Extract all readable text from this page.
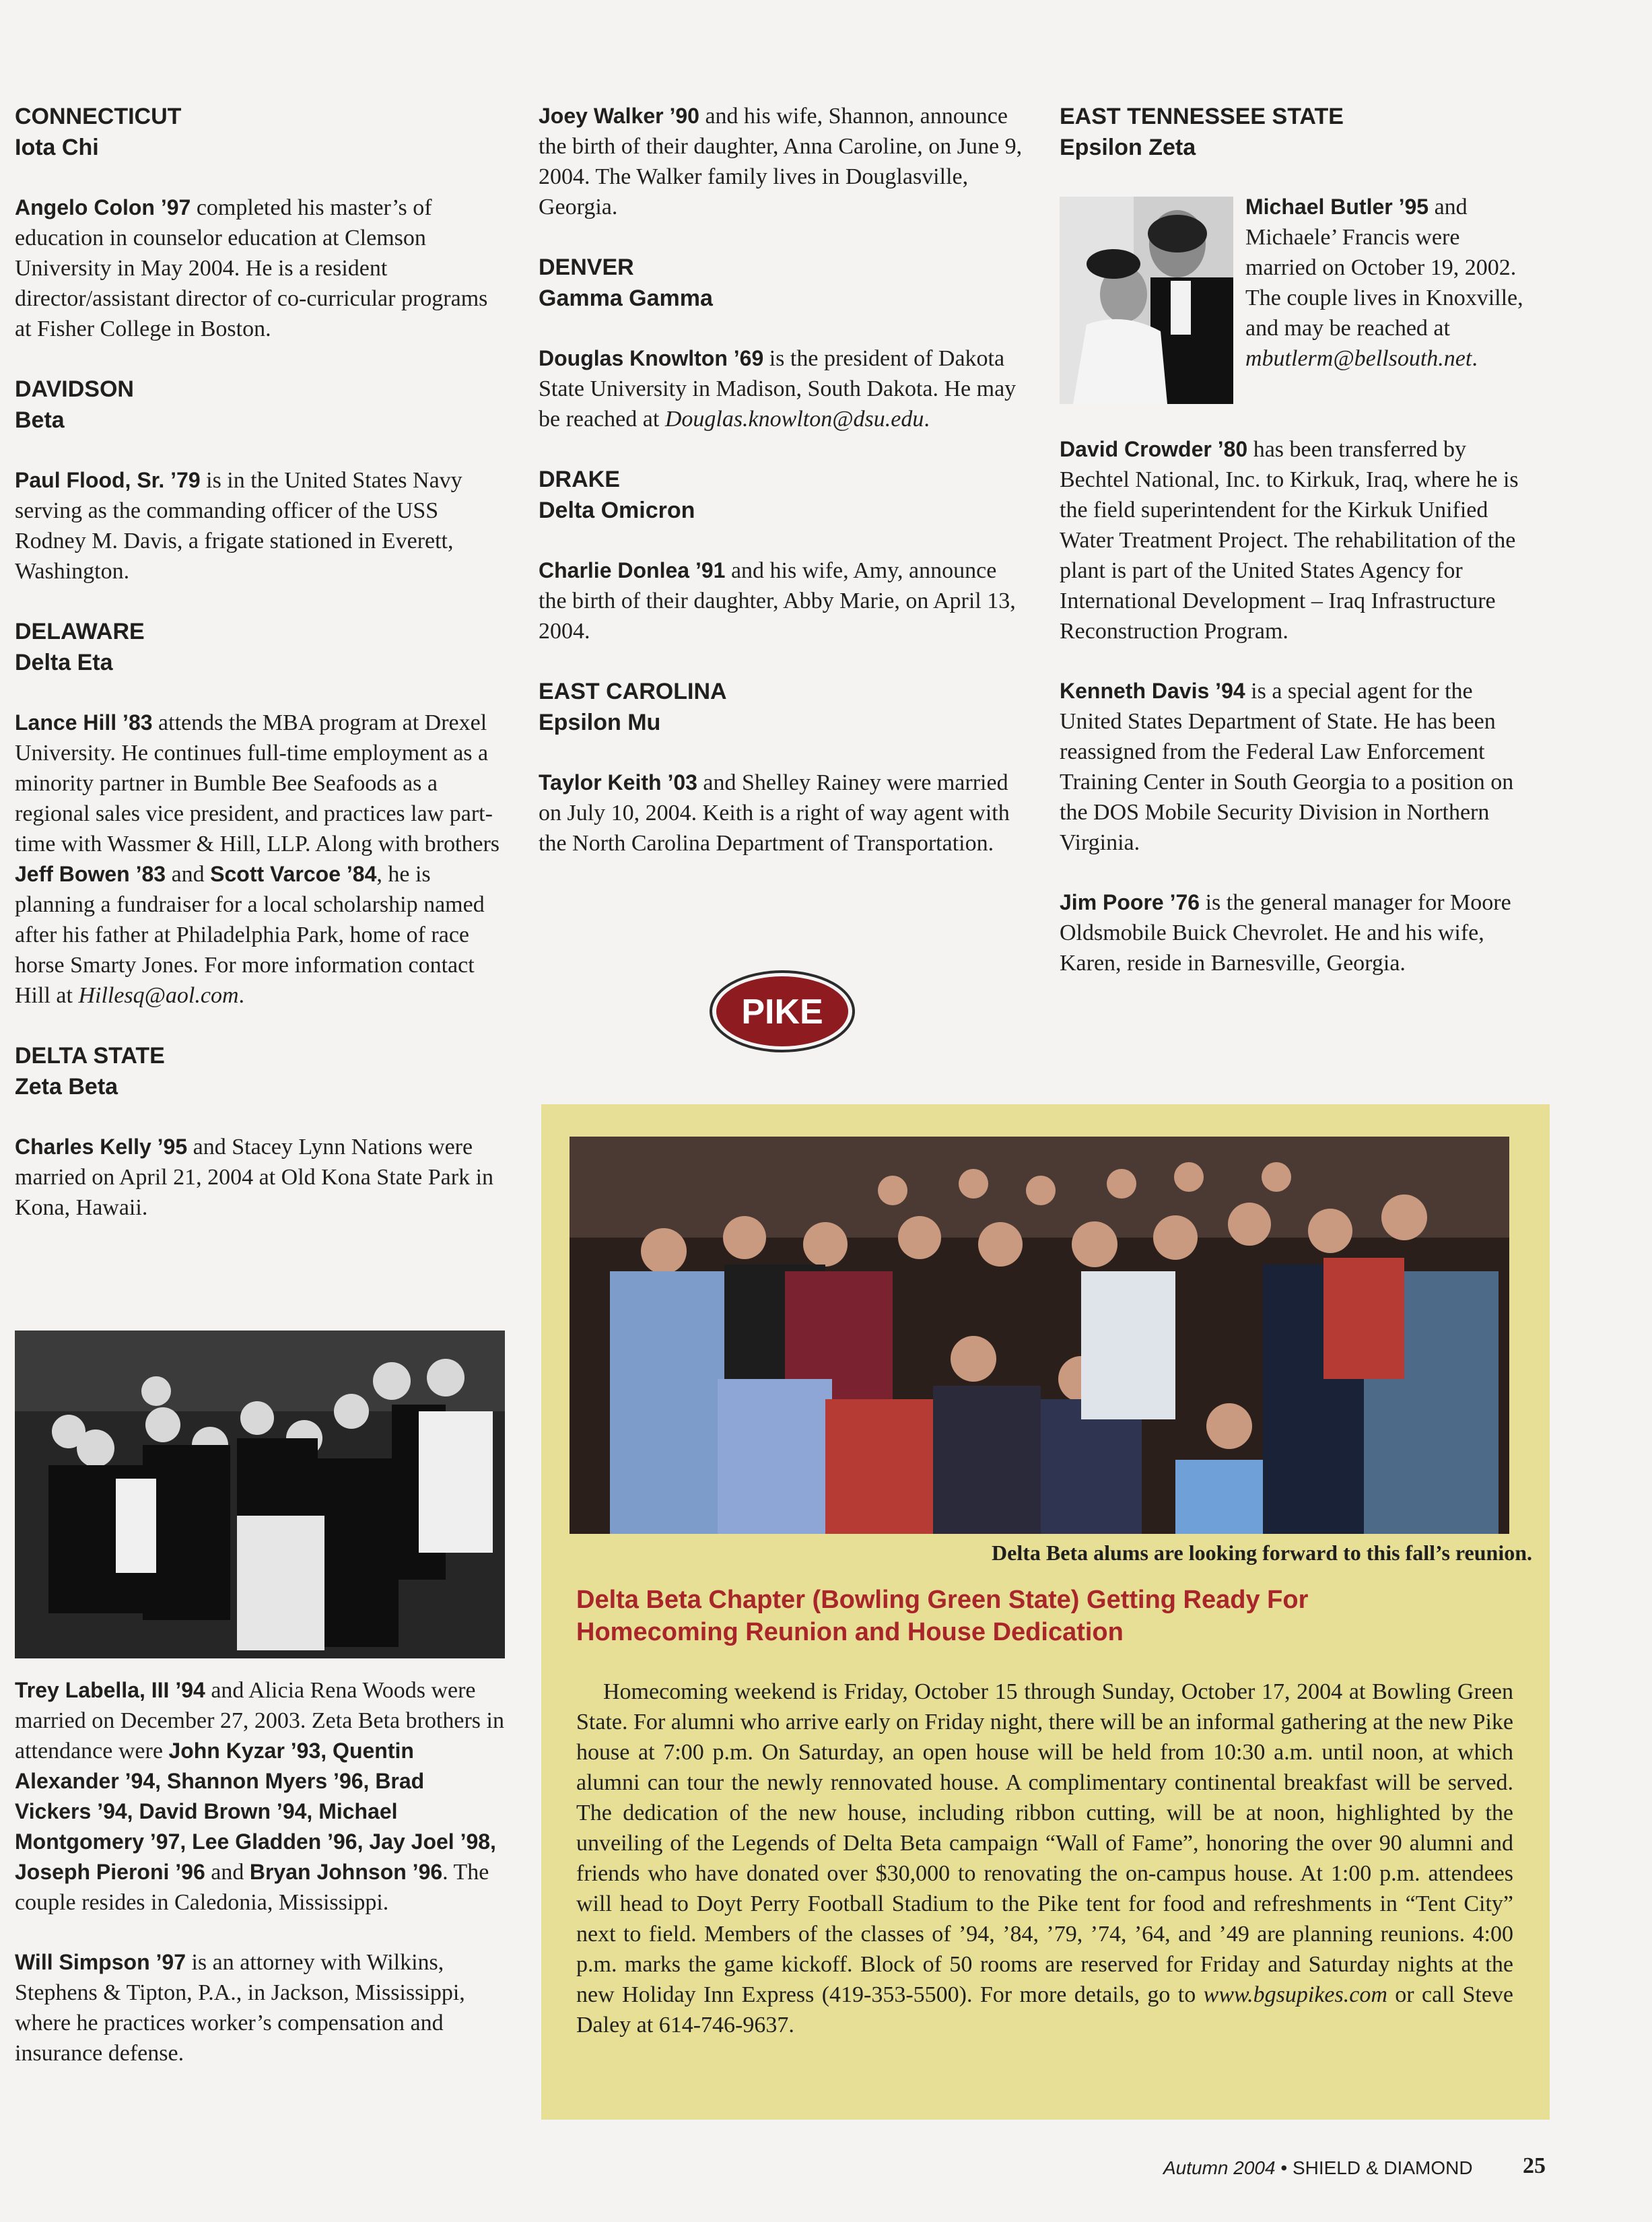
CONNECTICUT

Iota Chi

Angelo Colon ’97 completed his master’s of education in counselor education at Clemson University in May 2004. He is a resident director/assistant director of co-curricular programs at Fisher College in Boston.

DAVIDSON

Beta

Paul Flood, Sr. ’79 is in the United States Navy serving as the commanding officer of the USS Rodney M. Davis, a frigate stationed in Everett, Washington.

DELAWARE

Delta Eta

Lance Hill ’83 attends the MBA program at Drexel University. He continues full-time employment as a minority partner in Bumble Bee Seafoods as a regional sales vice president, and practices law part-time with Wassmer & Hill, LLP. Along with brothers Jeff Bowen ’83 and Scott Varcoe ’84, he is planning a fundraiser for a local scholarship named after his father at Philadelphia Park, home of race horse Smarty Jones. For more information contact Hill at Hillesq@aol.com.

DELTA STATE

Zeta Beta

Charles Kelly ’95 and Stacey Lynn Nations were married on April 21, 2004 at Old Kona State Park in Kona, Hawaii.

Trey Labella, III ’94 and Alicia Rena Woods were married on December 27, 2003. Zeta Beta brothers in attendance were John Kyzar ’93, Quentin Alexander ’94, Shannon Myers ’96, Brad Vickers ’94, David Brown ’94, Michael Montgomery ’97, Lee Gladden ’96, Jay Joel ’98, Joseph Pieroni ’96 and Bryan Johnson ’96. The couple resides in Caledonia, Mississippi.

Will Simpson ’97 is an attorney with Wilkins, Stephens & Tipton, P.A., in Jackson, Mississippi, where he practices worker’s compensation and insurance defense.

Joey Walker ’90 and his wife, Shannon, announce the birth of their daughter, Anna Caroline, on June 9, 2004. The Walker family lives in Douglasville, Georgia.

DENVER

Gamma Gamma

Douglas Knowlton ’69 is the president of Dakota State University in Madison, South Dakota. He may be reached at Douglas.knowlton@dsu.edu.

DRAKE

Delta Omicron

Charlie Donlea ’91 and his wife, Amy, announce the birth of their daughter, Abby Marie, on April 13, 2004.

EAST CAROLINA

Epsilon Mu

Taylor Keith ’03 and Shelley Rainey were married on July 10, 2004. Keith is a right of way agent with the North Carolina Department of Transportation.

PIKE

EAST TENNESSEE STATE

Epsilon Zeta

Michael Butler ’95 and Michaele’ Francis were married on October 19, 2002. The couple lives in Knoxville, and may be reached at mbutlerm@bellsouth.net.

David Crowder ’80 has been transferred by Bechtel National, Inc. to Kirkuk, Iraq, where he is the field superintendent for the Kirkuk Unified Water Treatment Project. The rehabilitation of the plant is part of the United States Agency for International Development – Iraq Infrastructure Reconstruction Program.

Kenneth Davis ’94 is a special agent for the United States Department of State. He has been reassigned from the Federal Law Enforcement Training Center in South Georgia to a position on the DOS Mobile Security Division in Northern Virginia.

Jim Poore ’76 is the general manager for Moore Oldsmobile Buick Chevrolet. He and his wife, Karen, reside in Barnesville, Georgia.

Delta Beta alums are looking forward to this fall’s reunion.
Delta Beta Chapter (Bowling Green State) Getting Ready For Homecoming Reunion and House Dedication
Homecoming weekend is Friday, October 15 through Sunday, October 17, 2004 at Bowling Green State. For alumni who arrive early on Friday night, there will be an informal gathering at the new Pike house at 7:00 p.m. On Saturday, an open house will be held from 10:30 a.m. until noon, at which alumni can tour the newly rennovated house. A complimentary continental breakfast will be served. The dedication of the new house, including ribbon cutting, will be at noon, highlighted by the unveiling of the Legends of Delta Beta campaign “Wall of Fame”, honoring the over 90 alumni and friends who have donated over $30,000 to renovating the on-campus house. At 1:00 p.m. attendees will head to Doyt Perry Football Stadium to the Pike tent for food and refreshments in “Tent City” next to field. Members of the classes of ’94, ’84, ’79, ’74, ’64, and ’49 are planning reunions. 4:00 p.m. marks the game kickoff. Block of 50 rooms are reserved for Friday and Saturday nights at the new Holiday Inn Express (419-353-5500). For more details, go to www.bgsupikes.com or call Steve Daley at 614-746-9637.
Autumn 2004 • SHIELD & DIAMOND 25
